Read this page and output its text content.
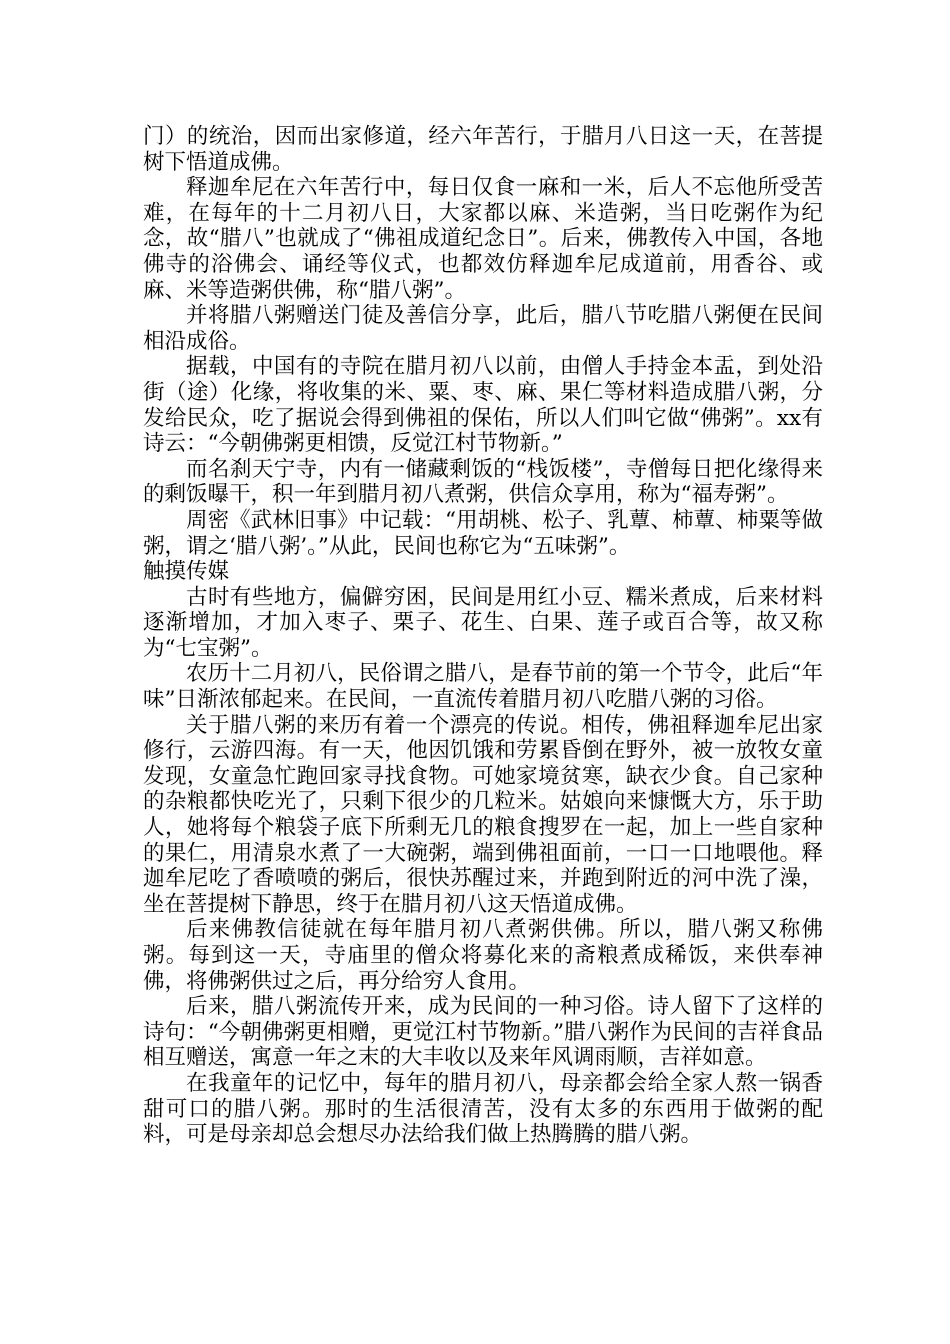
门）的统治，因而出家修道，经六年苦行，于腊月八日这一天，在菩提树下悟道成佛。

释迦牟尼在六年苦行中，每日仅食一麻和一米，后人不忘他所受苦难，在每年的十二月初八日，大家都以麻、米造粥，当日吃粥作为纪念，故“腊八”也就成了“佛祖成道纪念日”。后来，佛教传入中国，各地佛寺的浴佛会、诵经等仪式，也都效仿释迦牟尼成道前，用香谷、或麻、米等造粥供佛，称“腊八粥”。

并将腊八粥赠送门徒及善信分享，此后，腊八节吃腊八粥便在民间相沿成俗。

据载，中国有的寺院在腊月初八以前，由僧人手持金本盂，到处沿街（途）化缘，将收集的米、粟、枣、麻、果仁等材料造成腊八粥，分发给民众，吃了据说会得到佛祖的保佑，所以人们叫它做“佛粥”。xx有诗云：“今朝佛粥更相馈，反觉江村节物新。”

而名刹天宁寺，内有一储藏剩饭的“栈饭楼”，寺僧每日把化缘得来的剩饭曝干，积一年到腊月初八煮粥，供信众享用，称为“福寿粥”。

周密《武林旧事》中记载：“用胡桃、松子、乳蕈、柿蕈、柿粟等做粥，谓之‘腊八粥’。”从此，民间也称它为“五味粥”。

触摸传媒

古时有些地方，偏僻穷困，民间是用红小豆、糯米煮成，后来材料逐渐增加，才加入枣子、栗子、花生、白果、莲子或百合等，故又称为“七宝粥”。

农历十二月初八，民俗谓之腊八，是春节前的第一个节令，此后“年味”日渐浓郁起来。在民间，一直流传着腊月初八吃腊八粥的习俗。

关于腊八粥的来历有着一个漂亮的传说。相传，佛祖释迦牟尼出家修行，云游四海。有一天，他因饥饿和劳累昏倒在野外，被一放牧女童发现，女童急忙跑回家寻找食物。可她家境贫寒，缺衣少食。自己家种的杂粮都快吃光了，只剩下很少的几粒米。姑娘向来慷慨大方，乐于助人，她将每个粮袋子底下所剩无几的粮食搜罗在一起，加上一些自家种的果仁，用清泉水煮了一大碗粥，端到佛祖面前，一口一口地喂他。释迦牟尼吃了香喷喷的粥后，很快苏醒过来，并跑到附近的河中洗了澡，坐在菩提树下静思，终于在腊月初八这天悟道成佛。

后来佛教信徒就在每年腊月初八煮粥供佛。所以，腊八粥又称佛粥。每到这一天，寺庙里的僧众将募化来的斋粮煮成稀饭，来供奉神佛，将佛粥供过之后，再分给穷人食用。

后来，腊八粥流传开来，成为民间的一种习俗。诗人留下了这样的诗句：“今朝佛粥更相赠，更觉江村节物新。”腊八粥作为民间的吉祥食品相互赠送，寓意一年之末的大丰收以及来年风调雨顺，吉祥如意。

在我童年的记忆中，每年的腊月初八，母亲都会给全家人熬一锅香甜可口的腊八粥。那时的生活很清苦，没有太多的东西用于做粥的配料，可是母亲却总会想尽办法给我们做上热腾腾的腊八粥。
